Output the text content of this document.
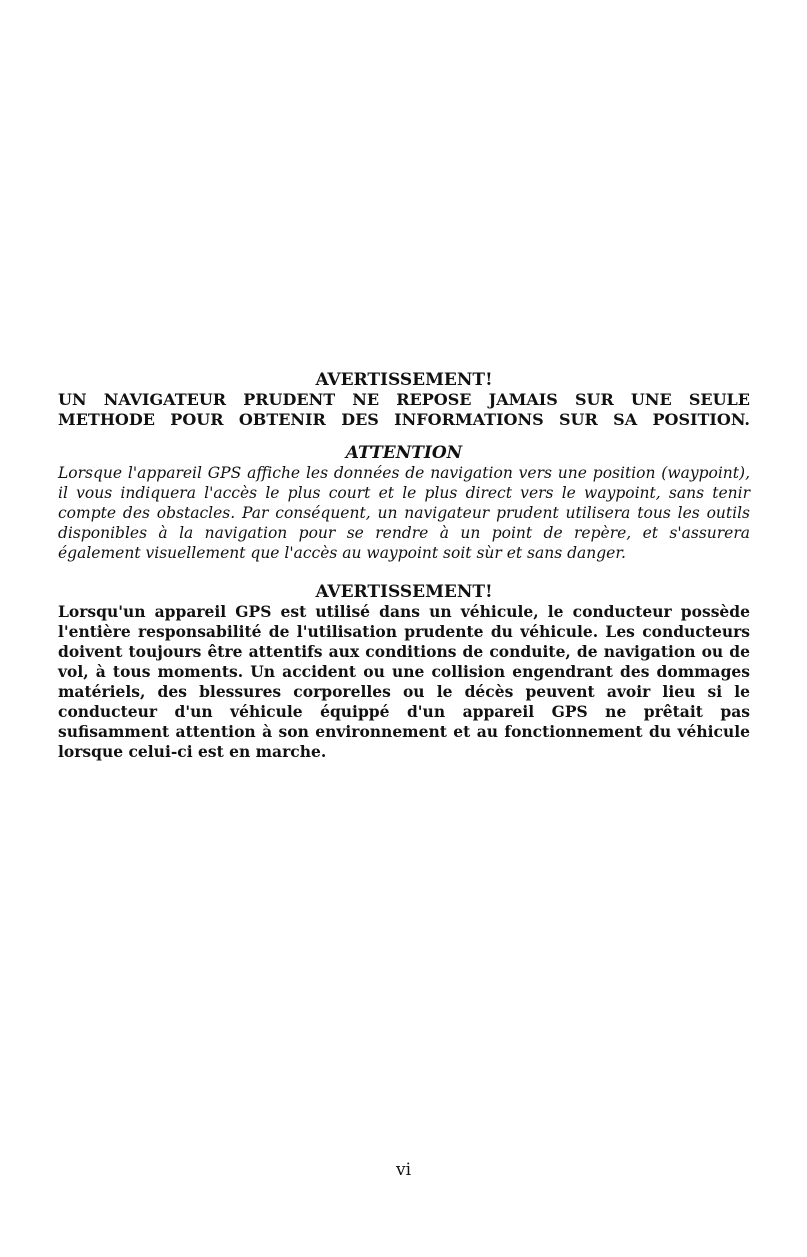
AVERTISSEMENT!

UN NAVIGATEUR PRUDENT NE REPOSE JAMAIS SUR UNE SEULE
METHODE POUR OBTENIR DES INFORMATIONS SUR SA POSITION.

ATTENTION

Lorsque l'appareil GPS affiche les données de navigation vers une position (waypoint), il vous indiquera l'accès le plus court et le plus direct vers le waypoint, sans tenir compte des obstacles. Par conséquent, un navigateur prudent utilisera tous les outils disponibles à la navigation pour se rendre à un point de repère, et s'assurera également visuellement que l'accès au waypoint soit sùr et sans danger.

AVERTISSEMENT!

Lorsqu'un appareil GPS est utilisé dans un véhicule, le conducteur possède l'entière responsabilité de l'utilisation prudente du véhicule. Les conducteurs doivent toujours être attentifs aux conditions de conduite, de navigation ou de vol, à tous moments. Un accident ou une collision engendrant des dommages matériels, des blessures corporelles ou le décès peuvent avoir lieu si le conducteur d'un véhicule équippé d'un appareil GPS ne prêtait pas sufisamment attention à son environnement et au fonctionnement du véhicule lorsque celui-ci est en marche.

vi
